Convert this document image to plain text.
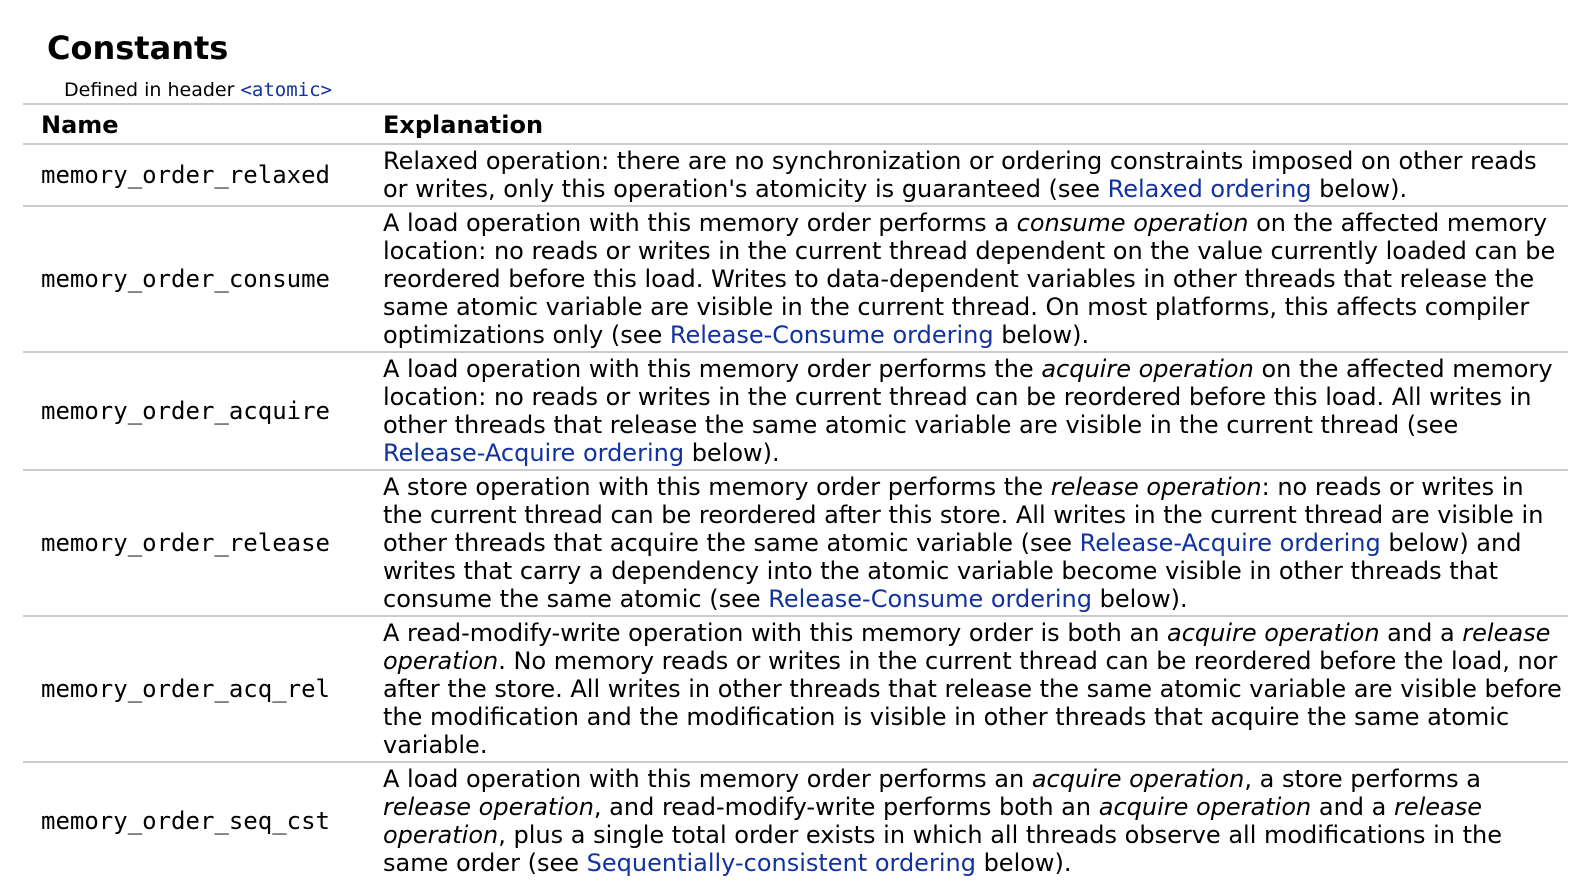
Constants
Defined in header <atomic>
Name	Explanation
memory_order_relaxed	Relaxed operation: there are no synchronization or ordering constraints imposed on other reads or writes, only this operation's atomicity is guaranteed (see Relaxed ordering below).
memory_order_consume	A load operation with this memory order performs a consume operation on the affected memory location: no reads or writes in the current thread dependent on the value currently loaded can be reordered before this load. Writes to data-dependent variables in other threads that release the same atomic variable are visible in the current thread. On most platforms, this affects compiler optimizations only (see Release-Consume ordering below).
memory_order_acquire	A load operation with this memory order performs the acquire operation on the affected memory location: no reads or writes in the current thread can be reordered before this load. All writes in other threads that release the same atomic variable are visible in the current thread (see Release-Acquire ordering below).
memory_order_release	A store operation with this memory order performs the release operation: no reads or writes in the current thread can be reordered after this store. All writes in the current thread are visible in other threads that acquire the same atomic variable (see Release-Acquire ordering below) and writes that carry a dependency into the atomic variable become visible in other threads that consume the same atomic (see Release-Consume ordering below).
memory_order_acq_rel	A read-modify-write operation with this memory order is both an acquire operation and a release operation. No memory reads or writes in the current thread can be reordered before the load, nor after the store. All writes in other threads that release the same atomic variable are visible before the modification and the modification is visible in other threads that acquire the same atomic variable.
memory_order_seq_cst	A load operation with this memory order performs an acquire operation, a store performs a release operation, and read-modify-write performs both an acquire operation and a release operation, plus a single total order exists in which all threads observe all modifications in the same order (see Sequentially-consistent ordering below).
